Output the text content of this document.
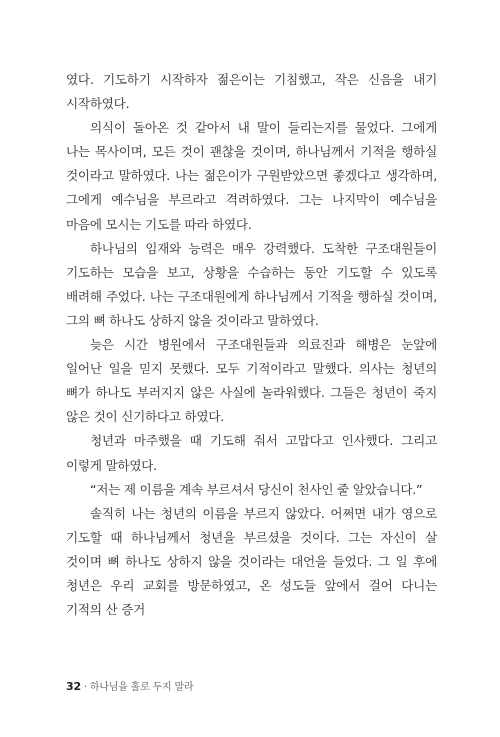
였다. 기도하기 시작하자 젊은이는 기침했고, 작은 신음을 내기 시작하였다.

의식이 돌아온 것 같아서 내 말이 들리는지를 물었다. 그에게 나는 목사이며, 모든 것이 괜찮을 것이며, 하나님께서 기적을 행하실 것이라고 말하였다. 나는 젊은이가 구원받았으면 좋겠다고 생각하며, 그에게 예수님을 부르라고 격려하였다. 그는 나지막이 예수님을 마음에 모시는 기도를 따라 하였다.

하나님의 임재와 능력은 매우 강력했다. 도착한 구조대원들이 기도하는 모습을 보고, 상황을 수습하는 동안 기도할 수 있도록 배려해 주었다. 나는 구조대원에게 하나님께서 기적을 행하실 것이며, 그의 뼈 하나도 상하지 않을 것이라고 말하였다.

늦은 시간 병원에서 구조대원들과 의료진과 해병은 눈앞에 일어난 일을 믿지 못했다. 모두 기적이라고 말했다. 의사는 청년의 뼈가 하나도 부러지지 않은 사실에 놀라워했다. 그들은 청년이 죽지 않은 것이 신기하다고 하였다.

청년과 마주했을 때 기도해 줘서 고맙다고 인사했다. 그리고 이렇게 말하였다.

“저는 제 이름을 계속 부르셔서 당신이 천사인 줄 알았습니다.”

솔직히 나는 청년의 이름을 부르지 않았다. 어쩌면 내가 영으로 기도할 때 하나님께서 청년을 부르셨을 것이다. 그는 자신이 살 것이며 뼈 하나도 상하지 않을 것이라는 대언을 들었다. 그 일 후에 청년은 우리 교회를 방문하였고, 온 성도들 앞에서 걸어 다니는 기적의 산 증거

32 · 하나님을 홀로 두지 말라
